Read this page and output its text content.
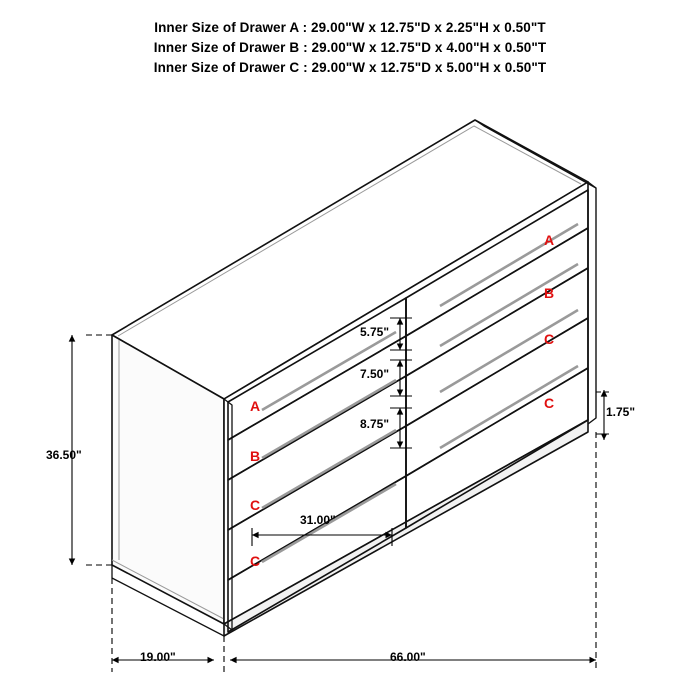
Inner Size of Drawer A : 29.00"W x 12.75"D x 2.25"H x 0.50"T
Inner Size of Drawer B : 29.00"W x 12.75"D x 4.00"H x 0.50"T
Inner Size of Drawer C : 29.00"W x 12.75"D x 5.00"H x 0.50"T
36.50"
19.00"	66.00"
1.75"
5.75"
7.50"
8.75"
31.00"
A
B
C
C
A
B
C
C
